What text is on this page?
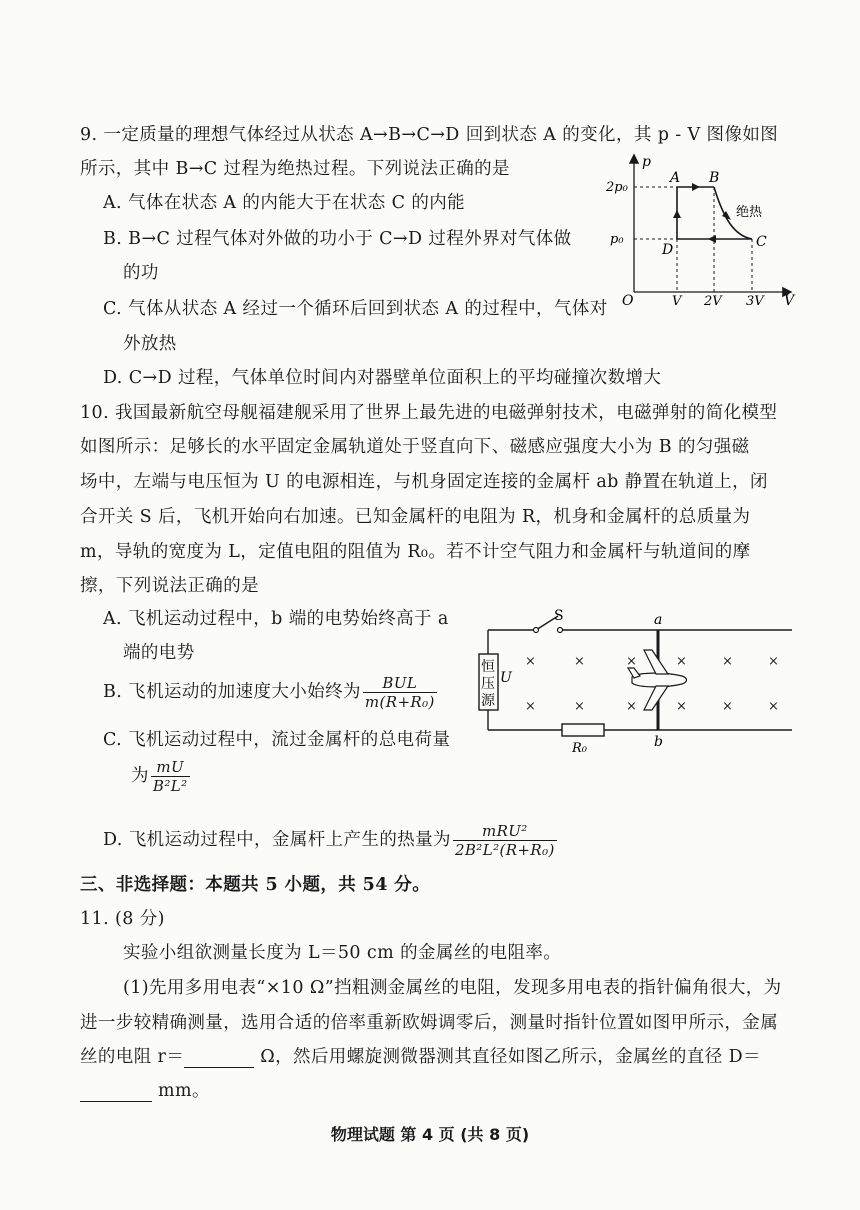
9. 一定质量的理想气体经过从状态 A→B→C→D 回到状态 A 的变化，其 p - V 图像如图
所示，其中 B→C 过程为绝热过程。下列说法正确的是
A. 气体在状态 A 的内能大于在状态 C 的内能
B. B→C 过程气体对外做的功小于 C→D 过程外界对气体做
的功
C. 气体从状态 A 经过一个循环后回到状态 A 的过程中，气体对
外放热
D. C→D 过程，气体单位时间内对器壁单位面积上的平均碰撞次数增大
p
V
O
2p₀
p₀
V 2V 3V
A B
C
D
绝热
10. 我国最新航空母舰福建舰采用了世界上最先进的电磁弹射技术，电磁弹射的简化模型
如图所示：足够长的水平固定金属轨道处于竖直向下、磁感应强度大小为 B 的匀强磁
场中，左端与电压恒为 U 的电源相连，与机身固定连接的金属杆 ab 静置在轨道上，闭
合开关 S 后，飞机开始向右加速。已知金属杆的电阻为 R，机身和金属杆的总质量为
m，导轨的宽度为 L，定值电阻的阻值为 R₀。若不计空气阻力和金属杆与轨道间的摩
擦，下列说法正确的是
A. 飞机运动过程中，b 端的电势始终高于 a
端的电势
B. 飞机运动的加速度大小始终为 $\frac{\text{BUL}}{\text{m(R+R₀)}}$
C. 飞机运动过程中，流过金属杆的总电荷量
为 $\frac{mU}{\text{B²L²}}$
D. 飞机运动过程中，金属杆上产生的热量为 $\frac{\text{mRU²}}{\text{2B²L²(R+R₀)}}$
S
R₀
恒
压
源
U
a
b
×	×	×	×	×	×
×	×	×	×	×	×
三、非选择题：本题共 5 小题，共 54 分。
11. (8 分)
实验小组欲测量长度为 L＝50 cm 的金属丝的电阻率。
(1)先用多用电表“×10 Ω”挡粗测金属丝的电阻，发现多用电表的指针偏角很大，为
进一步较精确测量，选用合适的倍率重新欧姆调零后，测量时指针位置如图甲所示，金属
丝的电阻 r＝	Ω，然后用螺旋测微器测其直径如图乙所示，金属丝的直径 D＝
mm。
物理试题 第 4 页 (共 8 页)
